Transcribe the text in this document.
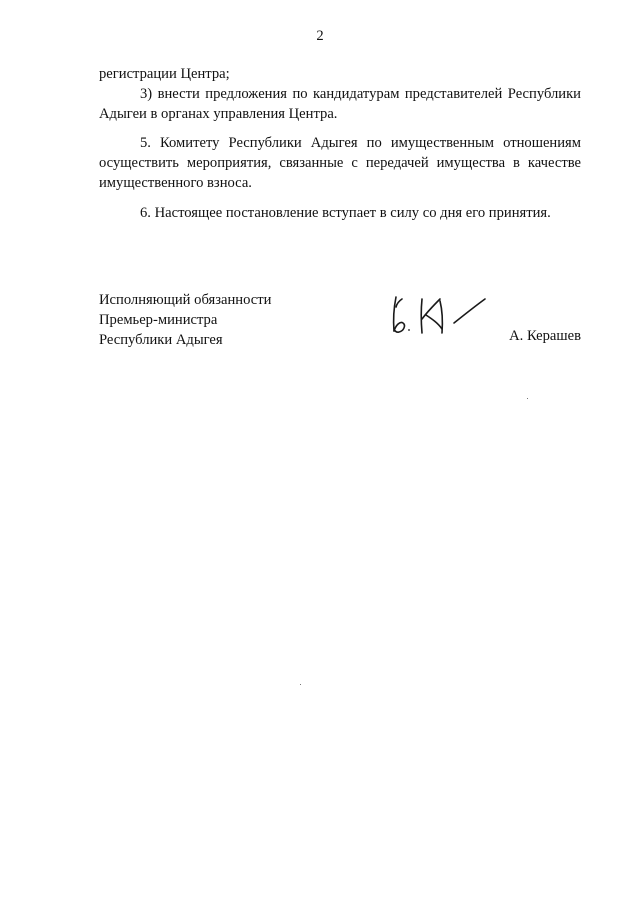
2
регистрации Центра;
3) внести предложения по кандидатурам представителей Республики
Адыгеи в органах управления Центра.
5. Комитету Республики Адыгея по имущественным отношениям
осуществить мероприятия, связанные с передачей имущества в качестве
имущественного взноса.
6. Настоящее постановление вступает в силу со дня его принятия.
Исполняющий обязанности
Премьер-министра
Республики Адыгея	А. Керашев
